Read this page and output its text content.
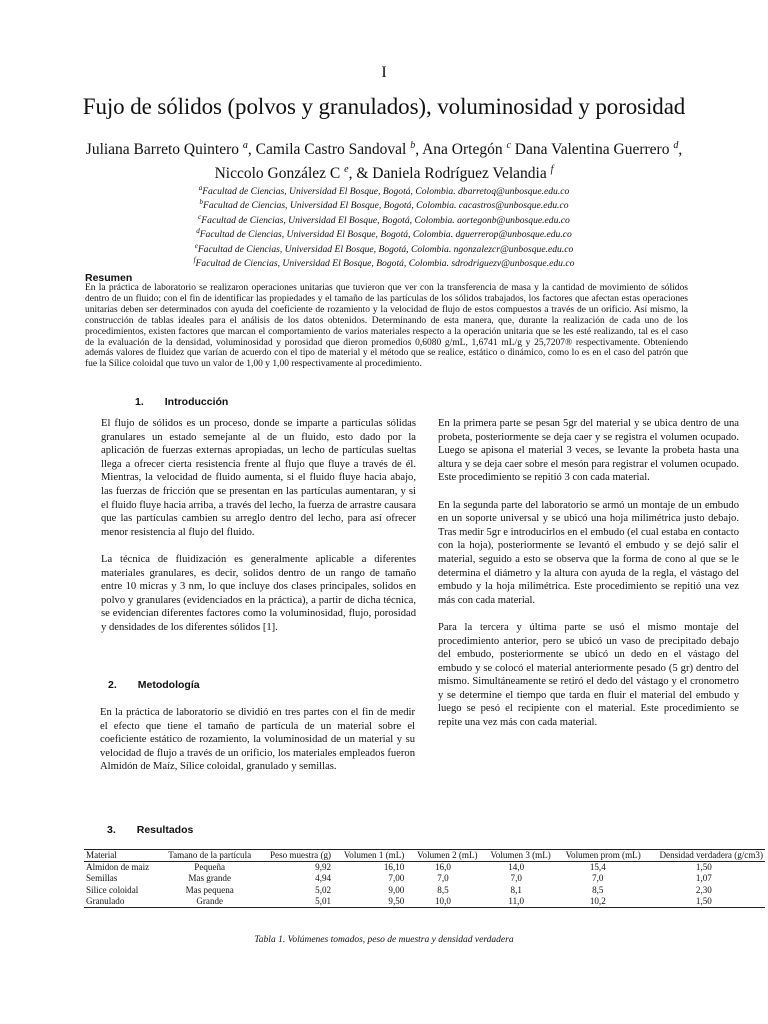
I
Fujo de sólidos (polvos y granulados), voluminosidad y porosidad
Juliana Barreto Quintero $^a$, Camila Castro Sandoval $^b$, Ana Ortegón $^c$ Dana Valentina Guerrero $^d$, Niccolo González C $^e$, & Daniela Rodríguez Velandia $^f$
$^a$Facultad de Ciencias, Universidad El Bosque, Bogotá, Colombia. dbarretoq@unbosque.edu.co
$^b$Facultad de Ciencias, Universidad El Bosque, Bogotá, Colombia. cacastros@unbosque.edu.co
$^c$Facultad de Ciencias, Universidad El Bosque, Bogotá, Colombia. aortegonb@unbosque.edu.co
$^d$Facultad de Ciencias, Universidad El Bosque, Bogotá, Colombia. dguerrerop@unbosque.edu.co
$^e$Facultad de Ciencias, Universidad El Bosque, Bogotá, Colombia. ngonzalezcr@unbosque.edu.co
$^f$Facultad de Ciencias, Universidad El Bosque, Bogotá, Colombia. sdrodriguezv@unbosque.edu.co
Resumen
En la práctica de laboratorio se realizaron operaciones unitarias que tuvieron que ver con la transferencia de masa y la cantidad de movimiento de sólidos dentro de un fluido; con el fin de identificar las propiedades y el tamaño de las partículas de los sólidos trabajados, los factores que afectan estas operaciones unitarias deben ser determinados con ayuda del coeficiente de rozamiento y la velocidad de flujo de estos compuestos a través de un orificio. Así mismo, la construcción de tablas ideales para el análisis de los datos obtenidos. Determinando de esta manera, que, durante la realización de cada uno de los procedimientos, existen factores que marcan el comportamiento de varios materiales respecto a la operación unitaria que se les esté realizando, tal es el caso de la evaluación de la densidad, voluminosidad y porosidad que dieron promedios 0,6080 g/mL, 1,6741 mL/g y 25,7207® respectivamente. Obteniendo además valores de fluidez que varían de acuerdo con el tipo de material y el método que se realice, estático o dinámico, como lo es en el caso del patrón que fue la Sílice coloidal que tuvo un valor de 1,00 y 1,00 respectivamente al procedimiento.
1.  Introducción

El flujo de sólidos es un proceso, donde se imparte a partículas sólidas granulares un estado semejante al de un fluido, esto dado por la aplicación de fuerzas externas apropiadas, un lecho de partículas sueltas llega a ofrecer cierta resistencia frente al flujo que fluye a través de él. Mientras, la velocidad de fluido aumenta, si el fluido fluye hacia abajo, las fuerzas de fricción que se presentan en las partículas aumentaran, y si el fluido fluye hacia arriba, a través del lecho, la fuerza de arrastre causara que las partículas cambien su arreglo dentro del lecho, para así ofrecer menor resistencia al flujo del fluido.

La técnica de fluidización es generalmente aplicable a diferentes materiales granulares, es decir, solidos dentro de un rango de tamaño entre 10 micras y 3 nm, lo que incluye dos clases principales, solidos en polvo y granulares (evidenciados en la práctica), a partir de dicha técnica, se evidencian diferentes factores como la voluminosidad, flujo, porosidad y densidades de los diferentes sólidos [1].

2.  Metodología

En la práctica de laboratorio se dividió en tres partes con el fin de medir el efecto que tiene el tamaño de partícula de un material sobre el coeficiente estático de rozamiento, la voluminosidad de un material y su velocidad de flujo a través de un orificio, los materiales empleados fueron Almidón de Maíz, Sílice coloidal, granulado y semillas.

En la primera parte se pesan 5gr del material y se ubica dentro de una probeta, posteriormente se deja caer y se registra el volumen ocupado. Luego se apisona el material 3 veces, se levante la probeta hasta una altura y se deja caer sobre el mesón para registrar el volumen ocupado. Este procedimiento se repitió 3 con cada material.

En la segunda parte del laboratorio se armó un montaje de un embudo en un soporte universal y se ubicó una hoja milimétrica justo debajo. Tras medir 5gr e introducirlos en el embudo (el cual estaba en contacto con la hoja), posteriormente se levantó el embudo y se dejó salir el material, seguido a esto se observa que la forma de cono al que se le determina el diámetro y la altura con ayuda de la regla, el vástago del embudo y la hoja milimétrica. Este procedimiento se repitió una vez más con cada material.

Para la tercera y última parte se usó el mismo montaje del procedimiento anterior, pero se ubicó un vaso de precipitado debajo del embudo, posteriormente se ubicó un dedo en el vástago del embudo y se colocó el material anteriormente pesado (5 gr) dentro del mismo. Simultáneamente se retiró el dedo del vástago y el cronometro y se determine el tiempo que tarda en fluir el material del embudo y luego se pesó el recipiente con el material. Este procedimiento se repite una vez más con cada material.

3.  Resultados
Material	Tamano de la partícula	Peso muestra (g)	Volumen 1 (mL)	Volumen 2 (mL)	Volumen 3 (mL)	Volumen prom (mL)	Densidad verdadera (g/cm3)
Almidon de maiz	Pequeña	9,92	16,10	16,0	14,0	15,4	1,50
Semillas	Mas grande	4,94	7,00	7,0	7,0	7,0	1,07
Silice coloidal	Mas pequena	5,02	9,00	8,5	8,1	8,5	2,30
Granulado	Grande	5,01	9,50	10,0	11,0	10,2	1,50
Tabla 1. Volúmenes tomados, peso de muestra y densidad verdadera
